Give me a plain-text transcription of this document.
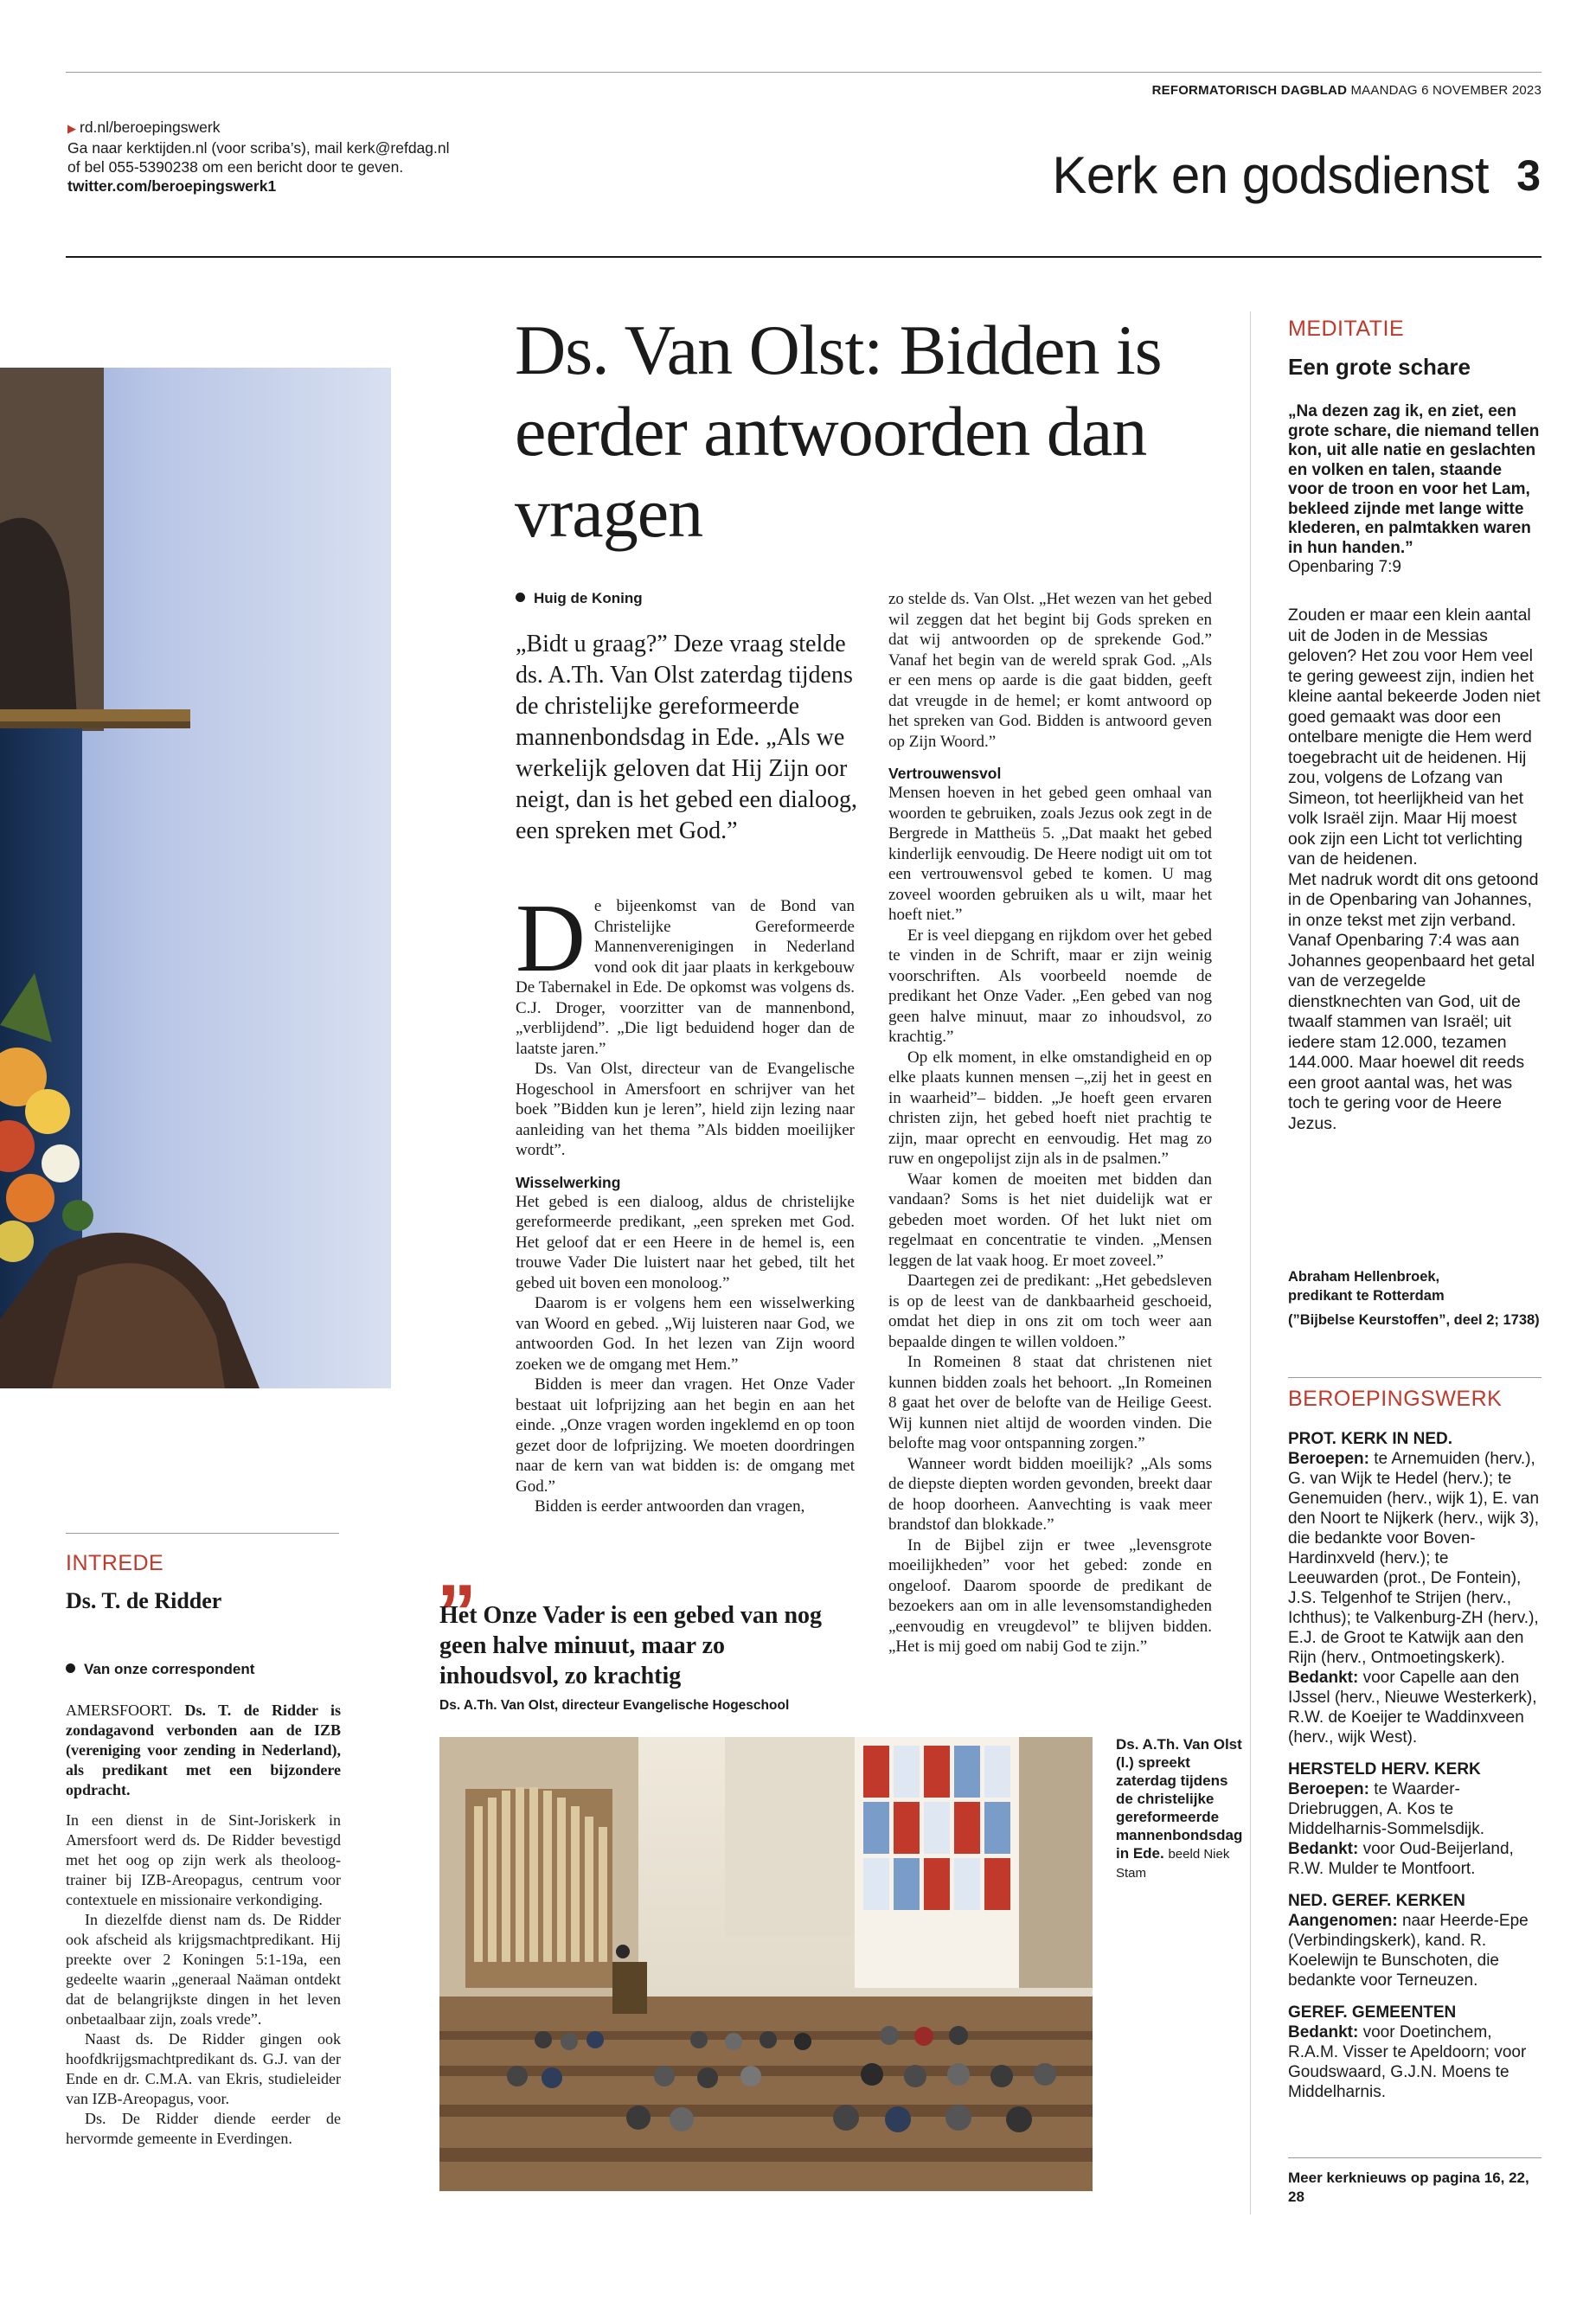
REFORMATORISCH DAGBLAD MAANDAG 6 NOVEMBER 2023
▶ rd.nl/beroepingswerk
Ga naar kerktijden.nl (voor scriba’s), mail kerk@refdag.nl
of bel 055-5390238 om een bericht door te geven.
twitter.com/beroepingswerk1	Kerk en godsdienst 3
Ds. Van Olst: Bidden is eerder antwoorden dan vragen
Huig de Koning

„Bidt u graag?” Deze vraag stelde ds. A.Th. Van Olst zaterdag tijdens de christelijke gereformeerde mannenbondsdag in Ede. „Als we werkelijk geloven dat Hij Zijn oor neigt, dan is het gebed een dialoog, een spreken met God.”

De bijeenkomst van de Bond van Christelijke Gereformeerde Mannenverenigingen in Nederland vond ook dit jaar plaats in kerkgebouw De Tabernakel in Ede. De opkomst was volgens ds. C.J. Droger, voorzitter van de mannenbond, „verblijdend”. „Die ligt beduidend hoger dan de laatste jaren.”

Ds. Van Olst, directeur van de Evangelische Hogeschool in Amersfoort en schrijver van het boek ”Bidden kun je leren”, hield zijn lezing naar aanleiding van het thema ”Als bidden moeilijker wordt”.

Wisselwerking

Het gebed is een dialoog, aldus de christelijke gereformeerde predikant, „een spreken met God. Het geloof dat er een Heere in de hemel is, een trouwe Vader Die luistert naar het gebed, tilt het gebed uit boven een monoloog.”

Daarom is er volgens hem een wisselwerking van Woord en gebed. „Wij luisteren naar God, we antwoorden God. In het lezen van Zijn woord zoeken we de omgang met Hem.”

Bidden is meer dan vragen. Het Onze Vader bestaat uit lofprijzing aan het begin en aan het einde. „Onze vragen worden ingeklemd en op toon gezet door de lofprijzing. We moeten doordringen naar de kern van wat bidden is: de omgang met God.”

Bidden is eerder antwoorden dan vragen,

zo stelde ds. Van Olst. „Het wezen van het gebed wil zeggen dat het begint bij Gods spreken en dat wij antwoorden op de sprekende God.” Vanaf het begin van de wereld sprak God. „Als er een mens op aarde is die gaat bidden, geeft dat vreugde in de hemel; er komt antwoord op het spreken van God. Bidden is antwoord geven op Zijn Woord.”

Vertrouwensvol

Mensen hoeven in het gebed geen omhaal van woorden te gebruiken, zoals Jezus ook zegt in de Bergrede in Mattheüs 5. „Dat maakt het gebed kinderlijk eenvoudig. De Heere nodigt uit om tot een vertrouwensvol gebed te komen. U mag zoveel woorden gebruiken als u wilt, maar het hoeft niet.”

Er is veel diepgang en rijkdom over het gebed te vinden in de Schrift, maar er zijn weinig voorschriften. Als voorbeeld noemde de predikant het Onze Vader. „Een gebed van nog geen halve minuut, maar zo inhoudsvol, zo krachtig.”

Op elk moment, in elke omstandigheid en op elke plaats kunnen mensen –„zij het in geest en in waarheid”– bidden. „Je hoeft geen ervaren christen zijn, het gebed hoeft niet prachtig te zijn, maar oprecht en eenvoudig. Het mag zo ruw en ongepolijst zijn als in de psalmen.”

Waar komen de moeiten met bidden dan vandaan? Soms is het niet duidelijk wat er gebeden moet worden. Of het lukt niet om regelmaat en concentratie te vinden. „Mensen leggen de lat vaak hoog. Er moet zoveel.”

Daartegen zei de predikant: „Het gebedsleven is op de leest van de dankbaarheid geschoeid, omdat het diep in ons zit om toch weer aan bepaalde dingen te willen voldoen.”

In Romeinen 8 staat dat christenen niet kunnen bidden zoals het behoort. „In Romeinen 8 gaat het over de belofte van de Heilige Geest. Wij kunnen niet altijd de woorden vinden. Die belofte mag voor ontspanning zorgen.”

Wanneer wordt bidden moeilijk? „Als soms de diepste diepten worden gevonden, breekt daar de hoop doorheen. Aanvechting is vaak meer brandstof dan blokkade.”

In de Bijbel zijn er twee „levensgrote moeilijkheden” voor het gebed: zonde en ongeloof. Daarom spoorde de predikant de bezoekers aan om in alle levensomstandigheden „eenvoudig en vreugdevol” te blijven bidden. „Het is mij goed om nabij God te zijn.”

„
Het Onze Vader is een gebed van nog geen halve minuut, maar zo inhoudsvol, zo krachtig
Ds. A.Th. Van Olst, directeur Evangelische Hogeschool
Ds. A.Th. Van Olst (l.) spreekt zaterdag tijdens de christelijke gereformeerde mannenbondsdag in Ede. beeld Niek Stam
INTREDE
Ds. T. de Ridder
Van onze correspondent

AMERSFOORT. Ds. T. de Ridder is zondagavond verbonden aan de IZB (vereniging voor zending in Nederland), als predikant met een bijzondere opdracht.

In een dienst in de Sint-Joriskerk in Amersfoort werd ds. De Ridder bevestigd met het oog op zijn werk als theoloog-trainer bij IZB-Areopagus, centrum voor contextuele en missionaire verkondiging.

In diezelfde dienst nam ds. De Ridder ook afscheid als krijgsmachtpredikant. Hij preekte over 2 Koningen 5:1-19a, een gedeelte waarin „generaal Naäman ontdekt dat de belangrijkste dingen in het leven onbetaalbaar zijn, zoals vrede”.

Naast ds. De Ridder gingen ook hoofdkrijgsmachtpredikant ds. G.J. van der Ende en dr. C.M.A. van Ekris, studieleider van IZB-Areopagus, voor.

Ds. De Ridder diende eerder de hervormde gemeente in Everdingen.

MEDITATIE
Een grote schare
„Na dezen zag ik, en ziet, een grote schare, die niemand tellen kon, uit alle natie en geslachten en volken en talen, staande voor de troon en voor het Lam, bekleed zijnde met lange witte klederen, en palmtakken waren in hun handen.”
Openbaring 7:9

Zouden er maar een klein aantal uit de Joden in de Messias geloven? Het zou voor Hem veel te gering geweest zijn, indien het kleine aantal bekeerde Joden niet goed gemaakt was door een ontelbare menigte die Hem werd toegebracht uit de heidenen. Hij zou, volgens de Lofzang van Simeon, tot heerlijkheid van het volk Israël zijn. Maar Hij moest ook zijn een Licht tot verlichting van de heidenen.

Met nadruk wordt dit ons getoond in de Openbaring van Johannes, in onze tekst met zijn verband. Vanaf Openbaring 7:4 was aan Johannes geopenbaard het getal van de verzegelde dienstknechten van God, uit de twaalf stammen van Israël; uit iedere stam 12.000, tezamen 144.000. Maar hoewel dit reeds een groot aantal was, het was toch te gering voor de Heere Jezus.

Abraham Hellenbroek,
predikant te Rotterdam
(”Bijbelse Keurstoffen”, deel 2; 1738)
BEROEPINGSWERK
PROT. KERK IN NED.
Beroepen: te Arnemuiden (herv.), G. van Wijk te Hedel (herv.); te Genemuiden (herv., wijk 1), E. van den Noort te Nijkerk (herv., wijk 3), die bedankte voor Boven-Hardinxveld (herv.); te Leeuwarden (prot., De Fontein), J.S. Telgenhof te Strijen (herv., Ichthus); te Valkenburg-ZH (herv.), E.J. de Groot te Katwijk aan den Rijn (herv., Ontmoetingskerk).
Bedankt: voor Capelle aan den IJssel (herv., Nieuwe Westerkerk), R.W. de Koeijer te Waddinxveen (herv., wijk West).
HERSTELD HERV. KERK
Beroepen: te Waarder-Driebruggen, A. Kos te Middelharnis-Sommelsdijk.
Bedankt: voor Oud-Beijerland, R.W. Mulder te Montfoort.
NED. GEREF. KERKEN
Aangenomen: naar Heerde-Epe (Verbindingskerk), kand. R. Koelewijn te Bunschoten, die bedankte voor Terneuzen.
GEREF. GEMEENTEN
Bedankt: voor Doetinchem, R.A.M. Visser te Apeldoorn; voor Goudswaard, G.J.N. Moens te Middelharnis.
Meer kerknieuws op pagina 16, 22, 28
